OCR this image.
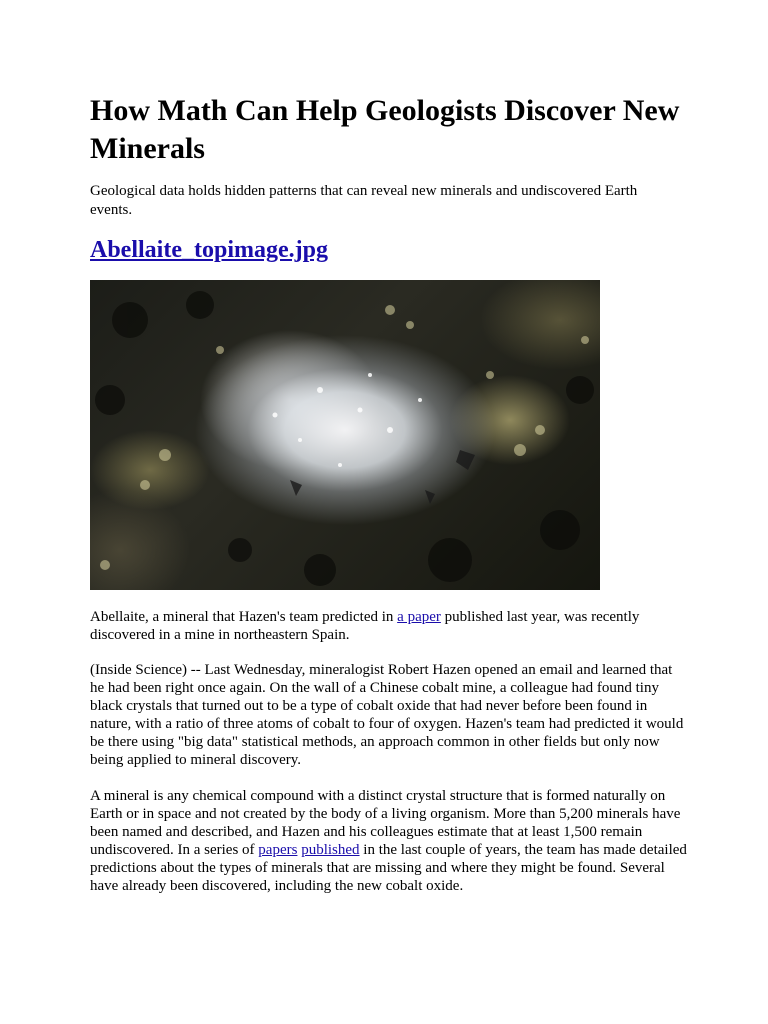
How Math Can Help Geologists Discover New Minerals

Geological data holds hidden patterns that can reveal new minerals and undiscovered Earth events.

Abellaite_topimage.jpg

Abellaite, a mineral that Hazen's team predicted in a paper published last year, was recently discovered in a mine in northeastern Spain.

(Inside Science) -- Last Wednesday, mineralogist Robert Hazen opened an email and learned that he had been right once again. On the wall of a Chinese cobalt mine, a colleague had found tiny black crystals that turned out to be a type of cobalt oxide that had never before been found in nature, with a ratio of three atoms of cobalt to four of oxygen. Hazen's team had predicted it would be there using "big data" statistical methods, an approach common in other fields but only now being applied to mineral discovery.

A mineral is any chemical compound with a distinct crystal structure that is formed naturally on Earth or in space and not created by the body of a living organism. More than 5,200 minerals have been named and described, and Hazen and his colleagues estimate that at least 1,500 remain undiscovered. In a series of papers published in the last couple of years, the team has made detailed predictions about the types of minerals that are missing and where they might be found. Several have already been discovered, including the new cobalt oxide.
